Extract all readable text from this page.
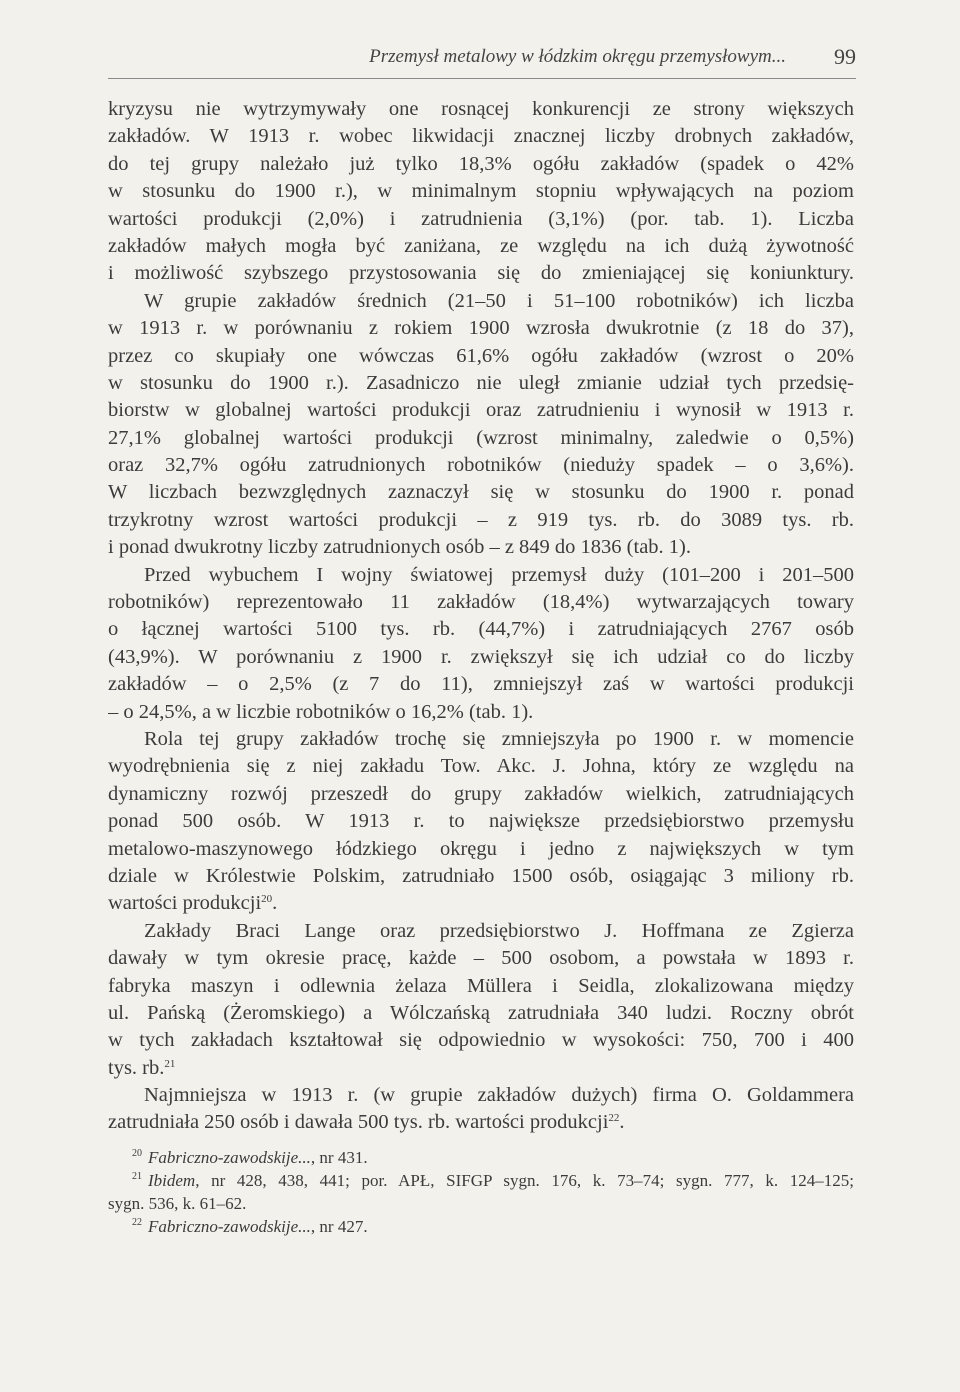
Przemysł metalowy w łódzkim okręgu przemysłowym... 99
kryzysu nie wytrzymywały one rosnącej konkurencji ze strony większych
zakładów. W 1913 r. wobec likwidacji znacznej liczby drobnych zakładów,
do tej grupy należało już tylko 18,3% ogółu zakładów (spadek o 42%
w stosunku do 1900 r.), w minimalnym stopniu wpływających na poziom
wartości produkcji (2,0%) i zatrudnienia (3,1%) (por. tab. 1). Liczba
zakładów małych mogła być zaniżana, ze względu na ich dużą żywotność
i możliwość szybszego przystosowania się do zmieniającej się koniunktury.
W grupie zakładów średnich (21–50 i 51–100 robotników) ich liczba
w 1913 r. w porównaniu z rokiem 1900 wzrosła dwukrotnie (z 18 do 37),
przez co skupiały one wówczas 61,6% ogółu zakładów (wzrost o 20%
w stosunku do 1900 r.). Zasadniczo nie uległ zmianie udział tych przedsię-
biorstw w globalnej wartości produkcji oraz zatrudnieniu i wynosił w 1913 r.
27,1% globalnej wartości produkcji (wzrost minimalny, zaledwie o 0,5%)
oraz 32,7% ogółu zatrudnionych robotników (nieduży spadek – o 3,6%).
W liczbach bezwzględnych zaznaczył się w stosunku do 1900 r. ponad
trzykrotny wzrost wartości produkcji – z 919 tys. rb. do 3089 tys. rb.
i ponad dwukrotny liczby zatrudnionych osób – z 849 do 1836 (tab. 1).
Przed wybuchem I wojny światowej przemysł duży (101–200 i 201–500
robotników) reprezentowało 11 zakładów (18,4%) wytwarzających towary
o łącznej wartości 5100 tys. rb. (44,7%) i zatrudniających 2767 osób
(43,9%). W porównaniu z 1900 r. zwiększył się ich udział co do liczby
zakładów – o 2,5% (z 7 do 11), zmniejszył zaś w wartości produkcji
– o 24,5%, a w liczbie robotników o 16,2% (tab. 1).
Rola tej grupy zakładów trochę się zmniejszyła po 1900 r. w momencie
wyodrębnienia się z niej zakładu Tow. Akc. J. Johna, który ze względu na
dynamiczny rozwój przeszedł do grupy zakładów wielkich, zatrudniających
ponad 500 osób. W 1913 r. to największe przedsiębiorstwo przemysłu
metalowo-maszynowego łódzkiego okręgu i jedno z największych w tym
dziale w Królestwie Polskim, zatrudniało 1500 osób, osiągając 3 miliony rb.
wartości produkcji$^{20}$.
Zakłady Braci Lange oraz przedsiębiorstwo J. Hoffmana ze Zgierza
dawały w tym okresie pracę, każde – 500 osobom, a powstała w 1893 r.
fabryka maszyn i odlewnia żelaza Müllera i Seidla, zlokalizowana między
ul. Pańską (Żeromskiego) a Wólczańską zatrudniała 340 ludzi. Roczny obrót
w tych zakładach kształtował się odpowiednio w wysokości: 750, 700 i 400
tys. rb.$^{21}$
Najmniejsza w 1913 r. (w grupie zakładów dużych) firma O. Goldammera
zatrudniała 250 osób i dawała 500 tys. rb. wartości produkcji$^{22}$.
$^{20}$ Fabriczno-zawodskije..., nr 431.
$^{21}$ Ibidem, nr 428, 438, 441; por. APŁ, SIFGP sygn. 176, k. 73–74; sygn. 777, k. 124–125;
sygn. 536, k. 61–62.
$^{22}$ Fabriczno-zawodskije..., nr 427.
